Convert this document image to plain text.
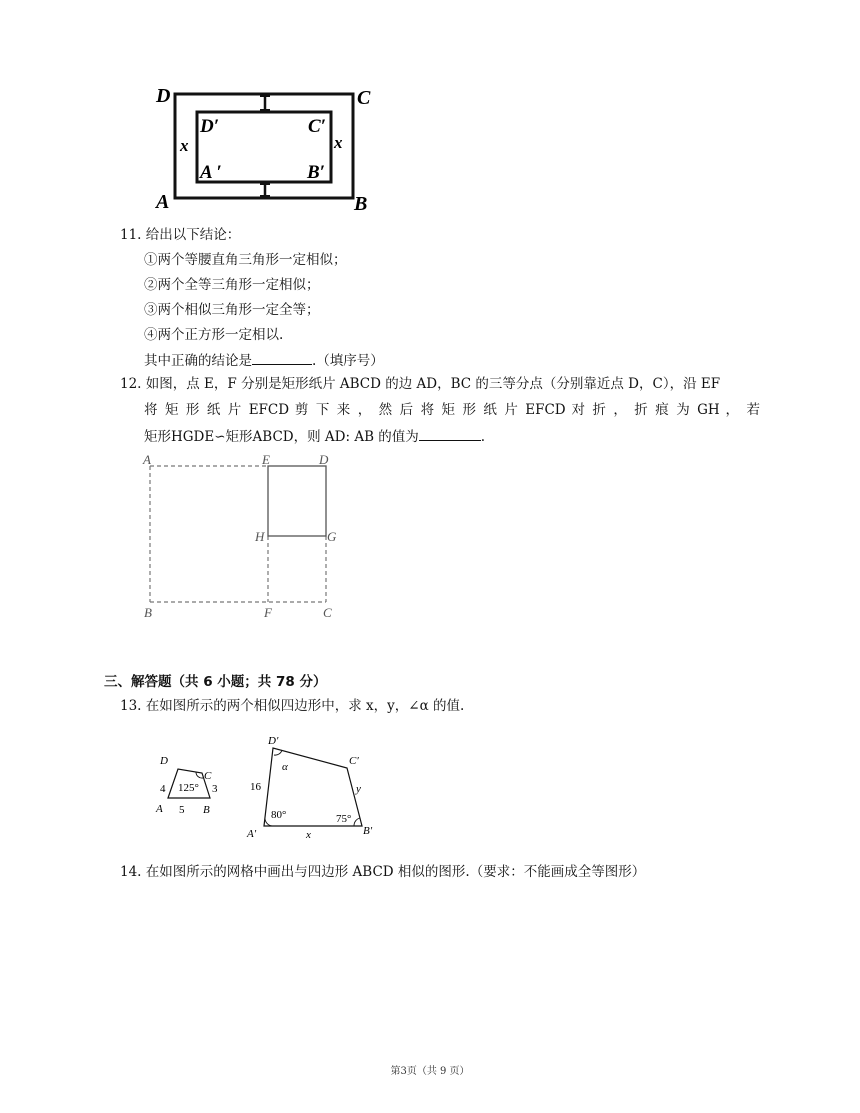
D	C
A	B
D′	C′
A ′	B′
x	x
11. 给出以下结论：
①两个等腰直角三角形一定相似；
②两个全等三角形一定相似；
③两个相似三角形一定全等；
④两个正方形一定相以.
其中正确的结论是	.（填序号）
12. 如图，点 E，F 分别是矩形纸片 ABCD 的边 AD，BC 的三等分点（分别靠近点 D，C），沿 EF
将 矩 形 纸 片 EFCD 剪 下 来 ， 然 后 将 矩 形 纸 片 EFCD 对 折 ， 折 痕 为 GH ， 若
矩形HGDE∽矩形ABCD，则 AD: AB 的值为	.
A	E	D
H	G
B	F	C
三、解答题（共 6 小题；共 78 分）
13. 在如图所示的两个相似四边形中，求 x，y，∠α 的值.
D
C
A	B
4
5
3
125°
D′
C′
A′	B′
x
y
α
16
80°	75°
14. 在如图所示的网格中画出与四边形 ABCD 相似的图形.（要求：不能画成全等图形）
第3页（共 9 页）
